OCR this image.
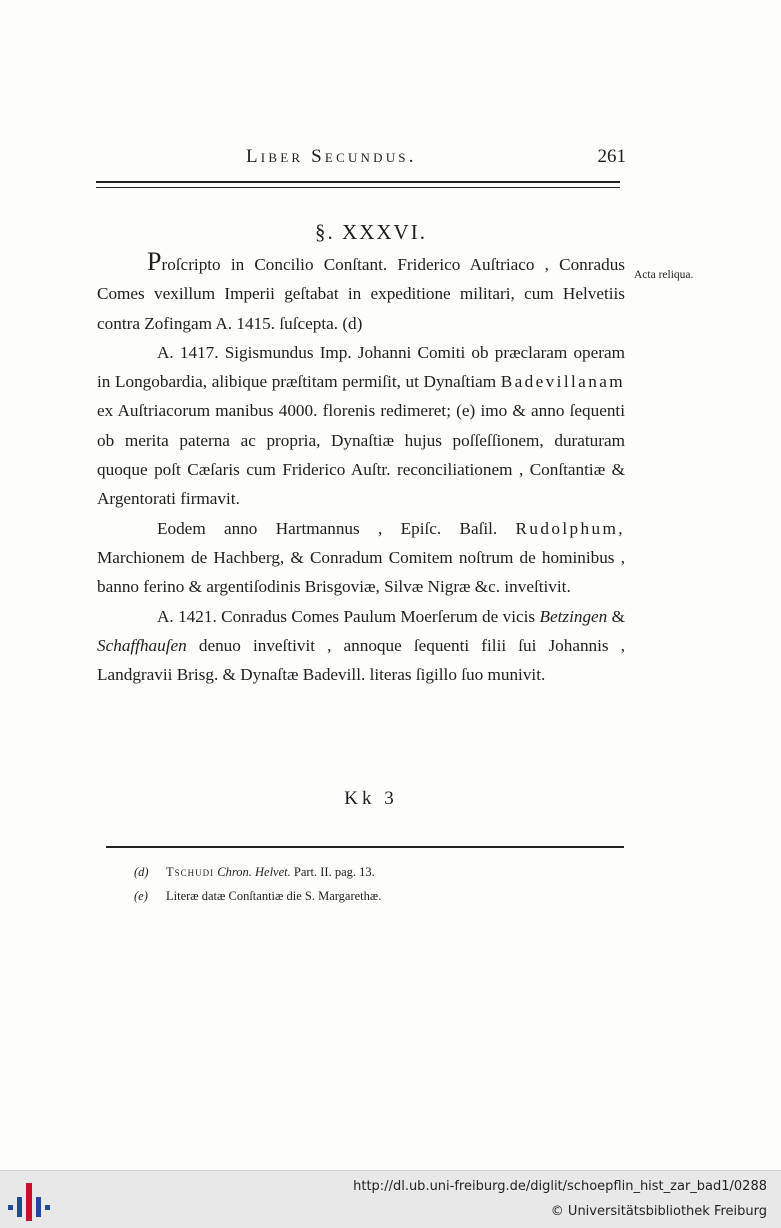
Liber Secundus.	261
§. XXXVI.
Acta reliqua.

Proſcripto in Concilio Conſtant. Friderico Auſtriaco , Conradus Comes vexillum Imperii geſtabat in expeditione militari, cum Helvetiis contra Zofingam A. 1415. ſuſcepta. (d)

A. 1417. Sigismundus Imp. Johanni Comiti ob præclaram operam in Longobardia, alibique præſtitam permiſit, ut Dynaſtiam Badevillanam ex Auſtriacorum manibus 4000. florenis redimeret; (e) imo & anno ſequenti ob merita paterna ac propria, Dynaſtiæ hujus poſſeſſionem, duraturam quoque poſt Cæſaris cum Friderico Auſtr. reconciliationem , Conſtantiæ & Argentorati firmavit.

Eodem anno Hartmannus , Epiſc. Baſil. Rudolphum, Marchionem de Hachberg, & Conradum Comitem noſtrum de hominibus , banno ferino & argentiſodinis Brisgoviæ, Silvæ Nigræ &c. inveſtivit.

A. 1421. Conradus Comes Paulum Moerſerum de vicis Betzingen & Schaffhauſen denuo inveſtivit , annoque ſequenti filii ſui Johannis , Landgravii Brisg. & Dynaſtæ Badevill. literas ſigillo ſuo munivit.

Kk 3
(d) Tschudi Chron. Helvet. Part. II. pag. 13.
(e) Literæ datæ Conſtantiæ die S. Margarethæ.
http://dl.ub.uni-freiburg.de/diglit/schoepflin_hist_zar_bad1/0288
© Universitätsbibliothek Freiburg
